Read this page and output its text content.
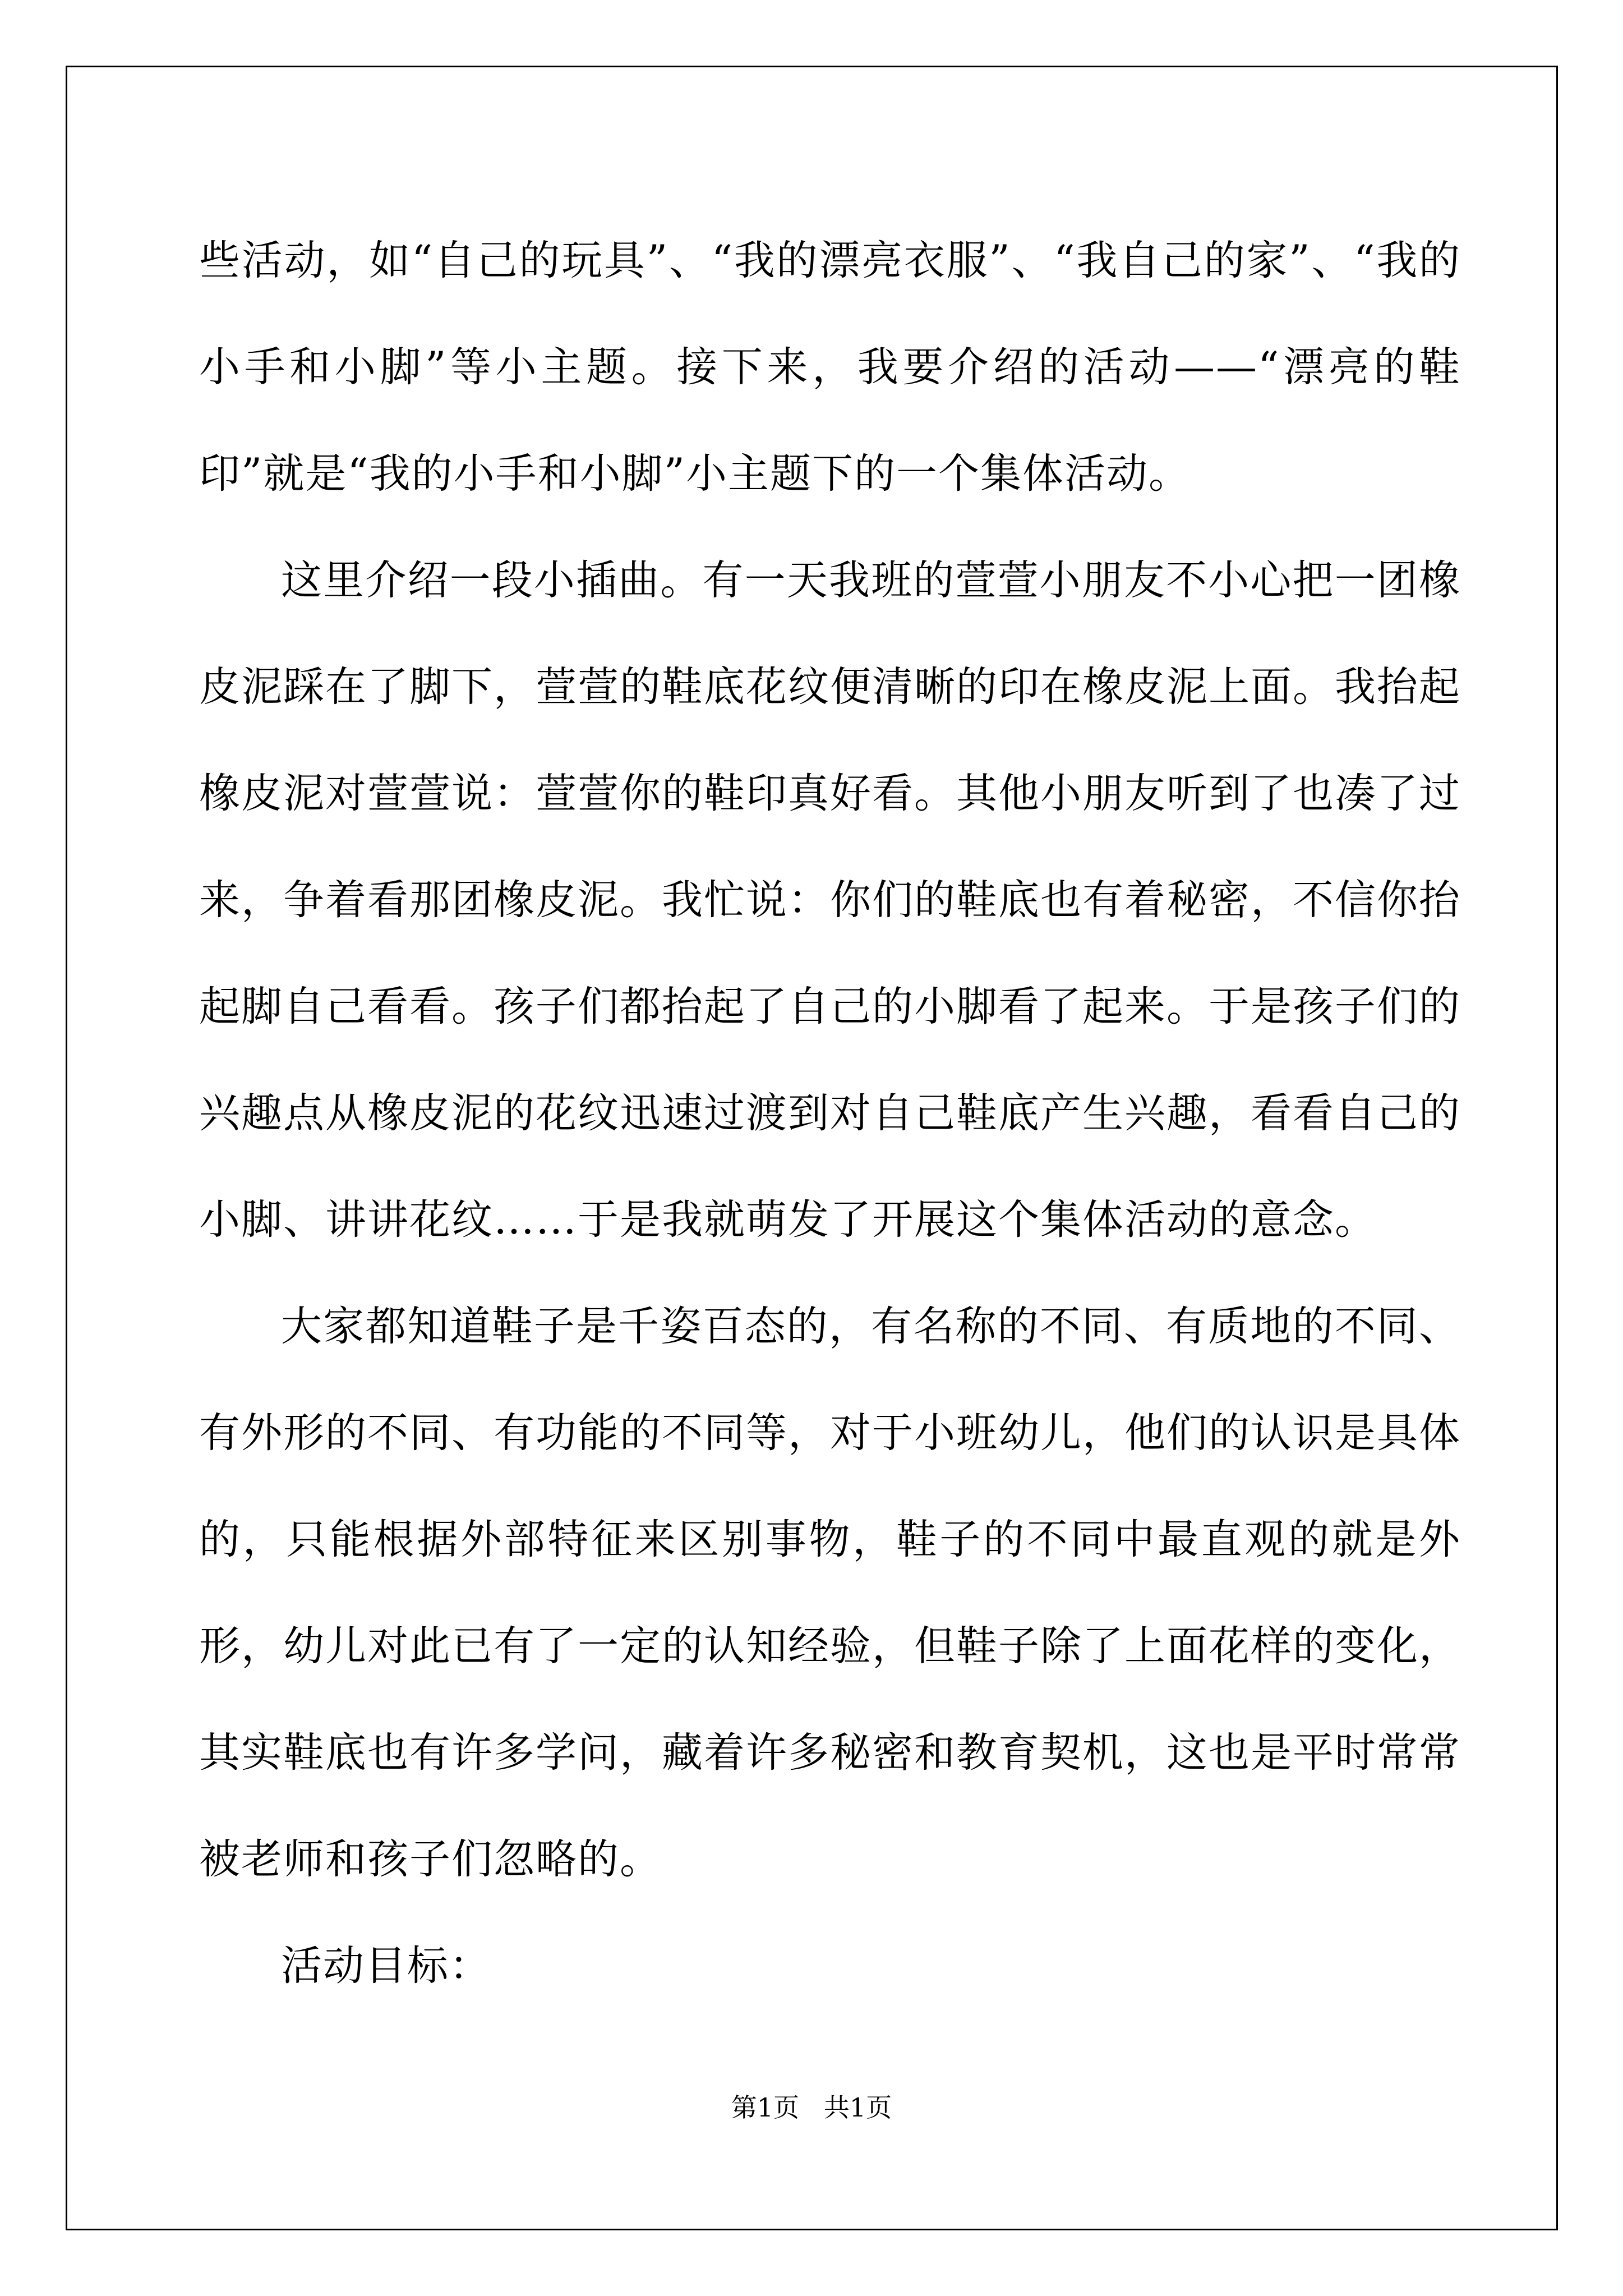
些活动，如“自己的玩具”、“我的漂亮衣服”、“我自己的家”、“我的小手和小脚”等小主题。接下来，我要介绍的活动——“漂亮的鞋印”就是“我的小手和小脚”小主题下的一个集体活动。

这里介绍一段小插曲。有一天我班的萱萱小朋友不小心把一团橡皮泥踩在了脚下，萱萱的鞋底花纹便清晰的印在橡皮泥上面。我抬起橡皮泥对萱萱说：萱萱你的鞋印真好看。其他小朋友听到了也凑了过来，争着看那团橡皮泥。我忙说：你们的鞋底也有着秘密，不信你抬起脚自己看看。孩子们都抬起了自己的小脚看了起来。于是孩子们的兴趣点从橡皮泥的花纹迅速过渡到对自己鞋底产生兴趣，看看自己的小脚、讲讲花纹……于是我就萌发了开展这个集体活动的意念。

大家都知道鞋子是千姿百态的，有名称的不同、有质地的不同、有外形的不同、有功能的不同等，对于小班幼儿，他们的认识是具体的，只能根据外部特征来区别事物，鞋子的不同中最直观的就是外形，幼儿对此已有了一定的认知经验，但鞋子除了上面花样的变化，其实鞋底也有许多学问，藏着许多秘密和教育契机，这也是平时常常被老师和孩子们忽略的。

活动目标：

第1页   共1页
